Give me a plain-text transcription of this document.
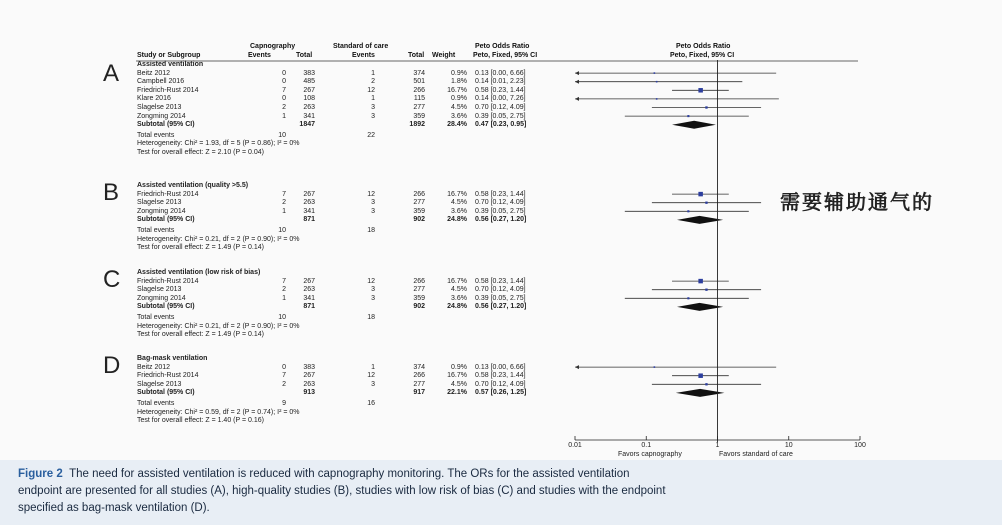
Capnography	Standard of care	Peto Odds Ratio	Peto Odds Ratio
Study or Subgroup	Events	Total	Events	Total Weight	Peto, Fixed, 95% CI	Peto, Fixed, 95% CI
A
B
C
D
需要辅助通气的
Assisted ventilation
Beitz 2012	0	383	1	374	0.9% 0.13 [0.00, 6.66]
Campbell 2016	0	485	2	501	1.8% 0.14 [0.01, 2.23]
Friedrich-Rust 2014	7	267	12	266	16.7% 0.58 [0.23, 1.44]
Klare 2016	0	108	1	115	0.9% 0.14 [0.00, 7.26]
Slagelse 2013	2	263	3	277	4.5% 0.70 [0.12, 4.09]
Zongming 2014	1	341	3	359	3.6% 0.39 [0.05, 2.75]
Subtotal (95% CI)	1847	1892	28.4% 0.47 [0.23, 0.95]
Total events	10	22
Heterogeneity: Chi² = 1.93, df = 5 (P = 0.86); I² = 0%
Test for overall effect: Z = 2.10 (P = 0.04)
Assisted ventilation (quality >5.5)
Friedrich-Rust 2014	7	267	12	266	16.7% 0.58 [0.23, 1.44]
Slagelse 2013	2	263	3	277	4.5% 0.70 [0.12, 4.09]
Zongming 2014	1	341	3	359	3.6% 0.39 [0.05, 2.75]
Subtotal (95% CI)	871	902	24.8% 0.56 [0.27, 1.20]
Total events	10	18
Heterogeneity: Chi² = 0.21, df = 2 (P = 0.90); I² = 0%
Test for overall effect: Z = 1.49 (P = 0.14)
Assisted ventilation (low risk of bias)
Friedrich-Rust 2014	7	267	12	266	16.7% 0.58 [0.23, 1.44]
Slagelse 2013	2	263	3	277	4.5% 0.70 [0.12, 4.09]
Zongming 2014	1	341	3	359	3.6% 0.39 [0.05, 2.75]
Subtotal (95% CI)	871	902	24.8% 0.56 [0.27, 1.20]
Total events	10	18
Heterogeneity: Chi² = 0.21, df = 2 (P = 0.90); I² = 0%
Test for overall effect: Z = 1.49 (P = 0.14)
Bag-mask ventilation
Beitz 2012	0	383	1	374	0.9% 0.13 [0.00, 6.66]
Friedrich-Rust 2014	7	267	12	266	16.7% 0.58 [0.23, 1.44]
Slagelse 2013	2	263	3	277	4.5% 0.70 [0.12, 4.09]
Subtotal (95% CI)	913	917	22.1% 0.57 [0.26, 1.25]
Total events	9	16
Heterogeneity: Chi² = 0.59, df = 2 (P = 0.74); I² = 0%
Test for overall effect: Z = 1.40 (P = 0.16)
0.01	0.1	1	10	100
Favors capnography	Favors standard of care
Figure 2 The need for assisted ventilation is reduced with capnography monitoring. The ORs for the assisted ventilation
endpoint are presented for all studies (A), high-quality studies (B), studies with low risk of bias (C) and studies with the endpoint
specified as bag-mask ventilation (D).
